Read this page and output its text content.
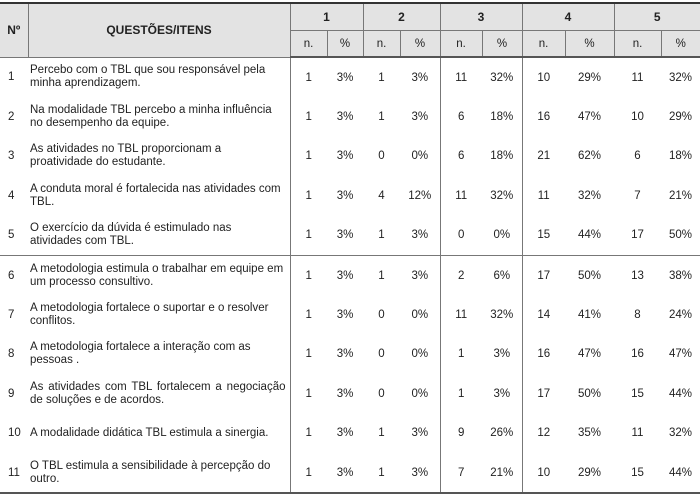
Nº	QUESTÕES/ITENS	1		2		3		4		5	
		n.	%	n.	%	n.	%	n.	%	n.	%
1	Percebo com o TBL que sou responsável pela minha aprendizagem.	1	3%	1	3%	11	32%	10	29%	11	32%
2	Na modalidade TBL percebo a minha influência no desempenho da equipe.	1	3%	1	3%	6	18%	16	47%	10	29%
3	As atividades no TBL proporcionam a proatividade do estudante.	1	3%	0	0%	6	18%	21	62%	6	18%
4	A conduta moral é fortalecida nas atividades com TBL.	1	3%	4	12%	11	32%	11	32%	7	21%
5	O exercício da dúvida é estimulado nas atividades com TBL.	1	3%	1	3%	0	0%	15	44%	17	50%
6	A metodologia estimula o trabalhar em equipe em um processo consultivo.	1	3%	1	3%	2	6%	17	50%	13	38%
7	A metodologia fortalece o suportar e o resolver conflitos.	1	3%	0	0%	11	32%	14	41%	8	24%
8	A metodologia fortalece a interação com as pessoas .	1	3%	0	0%	1	3%	16	47%	16	47%
9	As atividades com TBL fortalecem a negociação de soluções e de acordos.	1	3%	0	0%	1	3%	17	50%	15	44%
10	A modalidade didática TBL estimula a sinergia.	1	3%	1	3%	9	26%	12	35%	11	32%
11	O TBL estimula a sensibilidade à percepção do outro.	1	3%	1	3%	7	21%	10	29%	15	44%
